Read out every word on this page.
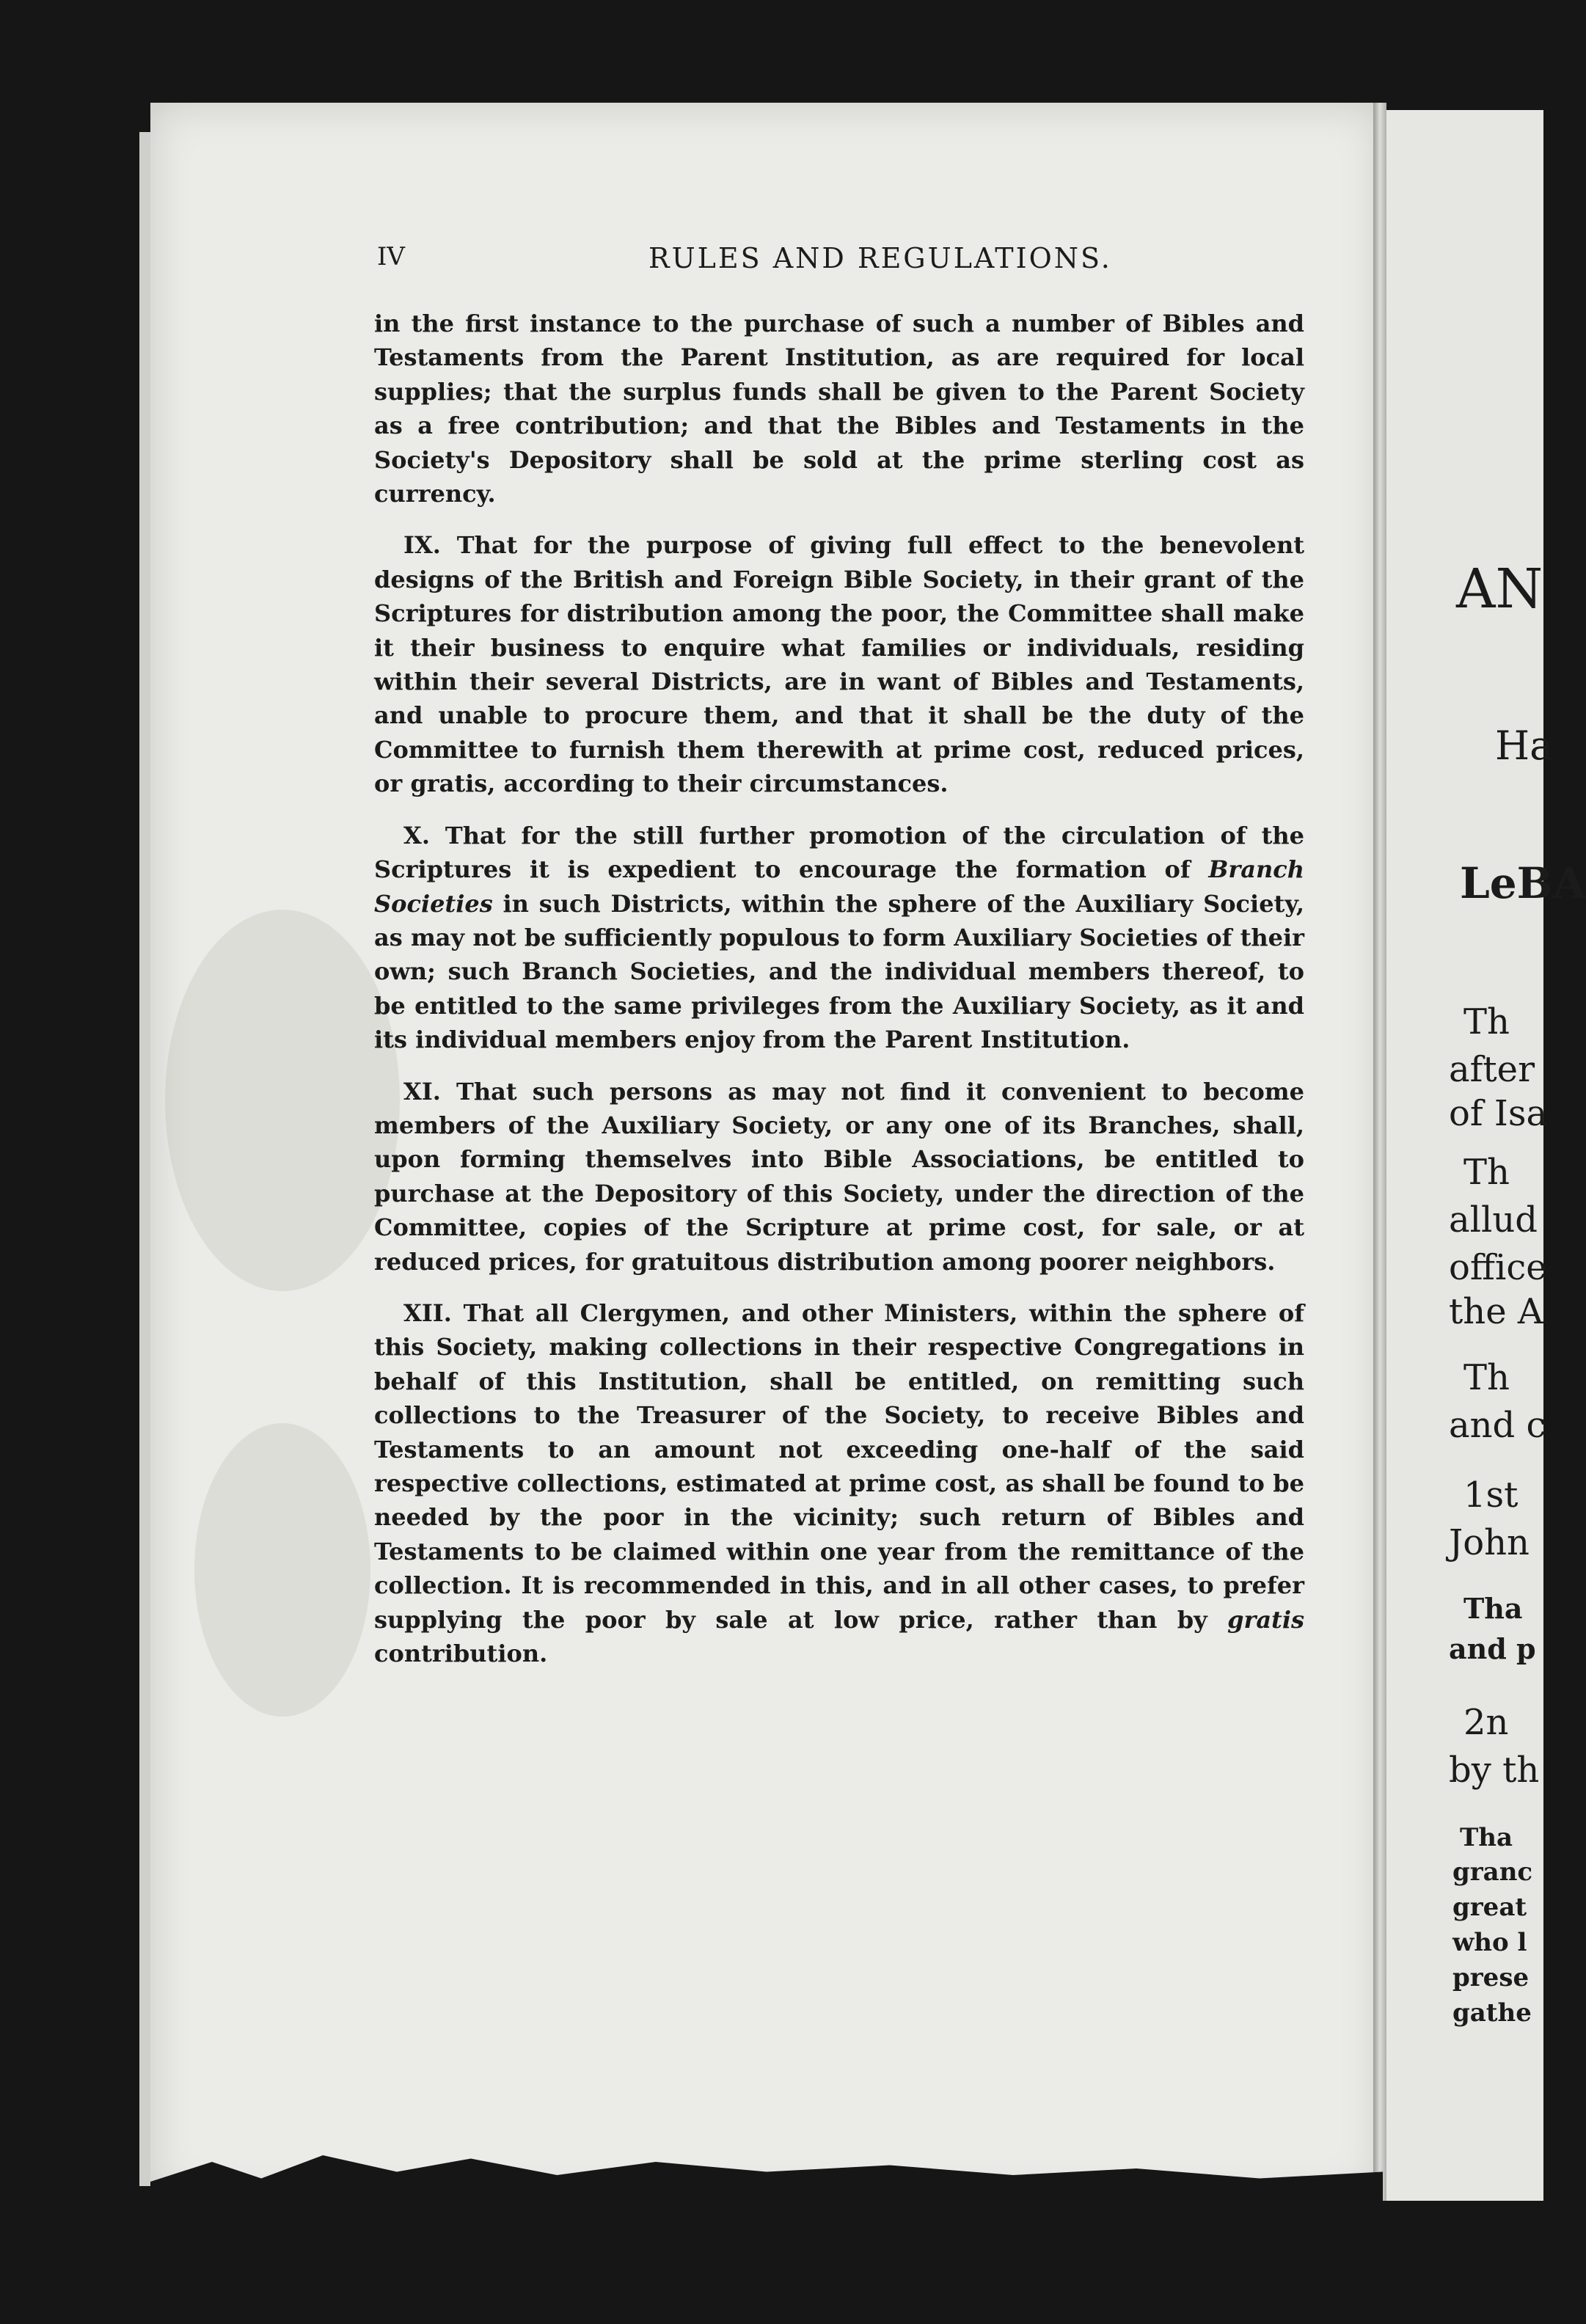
AN
Ha
LeBA
Th
after
of Isa
Th
allud
office
the A
Th
and c
1st
John
Tha
and p
2n
by th
Tha
granc
great
who l
prese
gathe
IV	RULES AND REGULATIONS.

in the first instance to the purchase of such a number of Bibles and Testaments from the Parent Institution, as are required for local supplies; that the surplus funds shall be given to the Parent Society as a free contribution; and that the Bibles and Testaments in the Society's Depository shall be sold at the prime sterling cost as currency.

IX. That for the purpose of giving full effect to the benevolent designs of the British and Foreign Bible Society, in their grant of the Scriptures for distribution among the poor, the Committee shall make it their business to enquire what families or individuals, residing within their several Districts, are in want of Bibles and Testaments, and unable to procure them, and that it shall be the duty of the Committee to furnish them therewith at prime cost, reduced prices, or gratis, according to their circumstances.

X. That for the still further promotion of the circulation of the Scriptures it is expedient to encourage the formation of Branch Societies in such Districts, within the sphere of the Auxiliary Society, as may not be sufficiently populous to form Auxiliary Societies of their own; such Branch Societies, and the individual members thereof, to be entitled to the same privileges from the Auxiliary Society, as it and its individual members enjoy from the Parent Institution.

XI. That such persons as may not find it convenient to become members of the Auxiliary Society, or any one of its Branches, shall, upon forming themselves into Bible Associations, be entitled to purchase at the Depository of this Society, under the direction of the Committee, copies of the Scripture at prime cost, for sale, or at reduced prices, for gratuitous distribution among poorer neighbors.

XII. That all Clergymen, and other Ministers, within the sphere of this Society, making collections in their respective Congregations in behalf of this Institution, shall be entitled, on remitting such collections to the Treasurer of the Society, to receive Bibles and Testaments to an amount not exceeding one-half of the said respective collections, estimated at prime cost, as shall be found to be needed by the poor in the vicinity; such return of Bibles and Testaments to be claimed within one year from the remittance of the collection. It is recommended in this, and in all other cases, to prefer supplying the poor by sale at low price, rather than by gratis contribution.
